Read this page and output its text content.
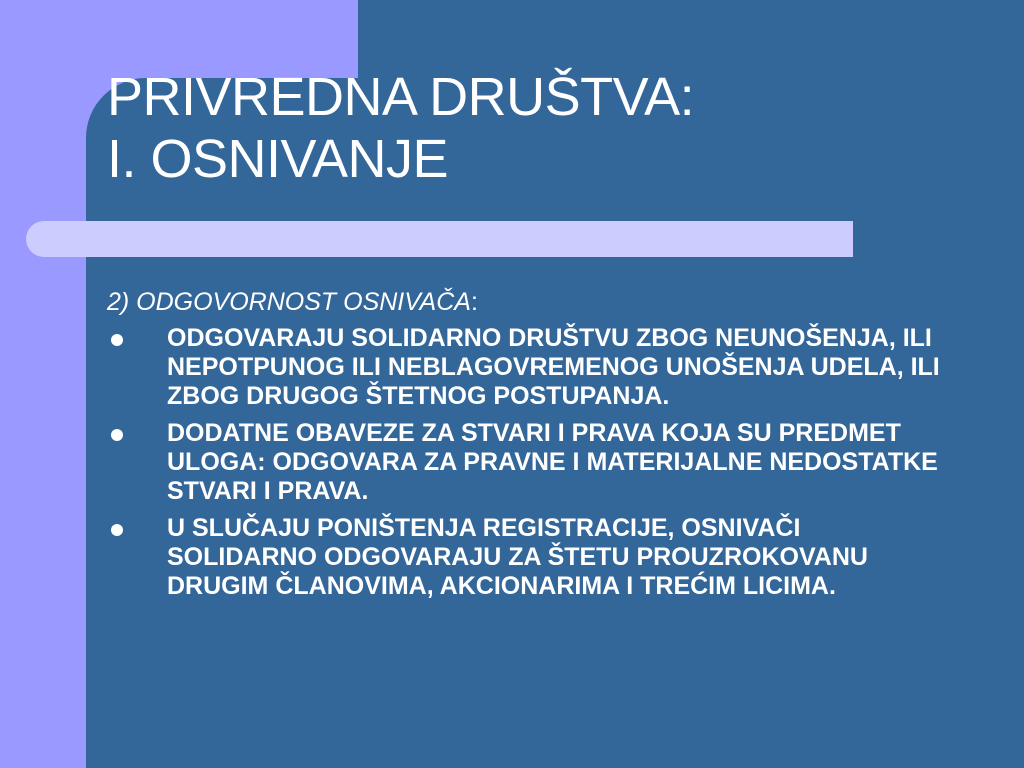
PRIVREDNA DRUŠTVA:
I. OSNIVANJE

2) ODGOVORNOST OSNIVAČA:

ODGOVARAJU SOLIDARNO DRUŠTVU ZBOG NEUNOŠENJA, ILI NEPOTPUNOG ILI NEBLAGOVREMENOG UNOŠENJA UDELA, ILI ZBOG DRUGOG ŠTETNOG POSTUPANJA.
DODATNE OBAVEZE ZA STVARI I PRAVA KOJA SU PREDMET ULOGA: ODGOVARA ZA PRAVNE I MATERIJALNE NEDOSTATKE STVARI I PRAVA.
U SLUČAJU PONIŠTENJA REGISTRACIJE, OSNIVAČI SOLIDARNO ODGOVARAJU ZA ŠTETU PROUZROKOVANU DRUGIM ČLANOVIMA, AKCIONARIMA I TREĆIM LICIMA.
